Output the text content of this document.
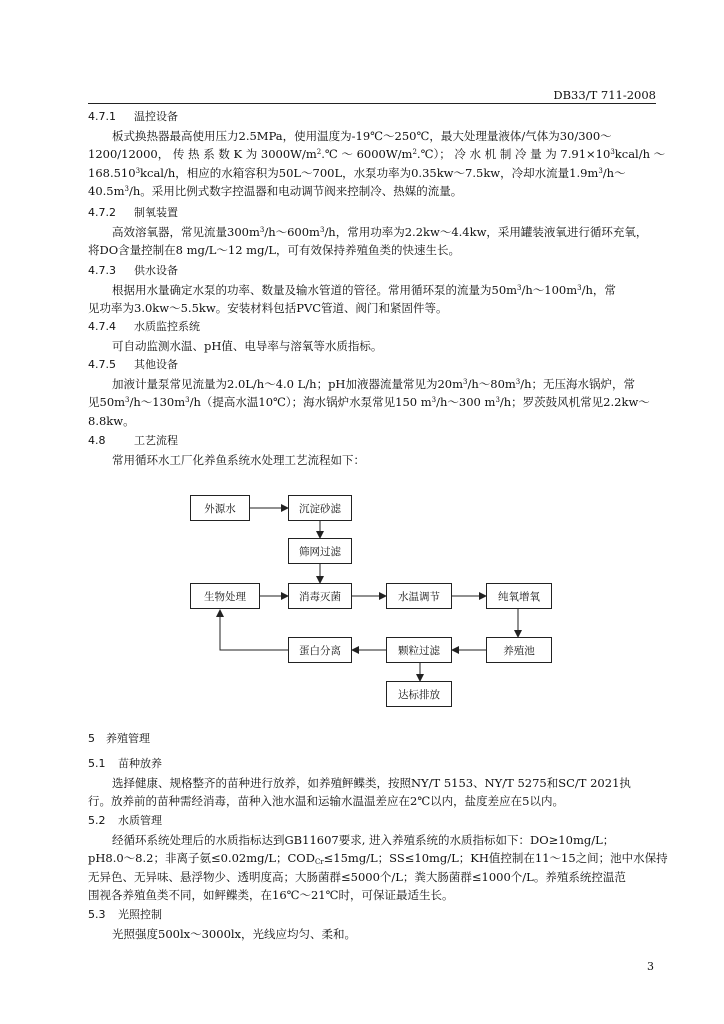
DB33/T 711-2008
4.7.1 温控设备
板式换热器最高使用压力2.5MPa，使用温度为-19℃～250℃，最大处理量液体/气体为30/300～
1200/12000， 传 热 系 数 K 为 $3000W/m^2.℃$ ～ $6000W/m^2.℃$）； 冷 水 机 制 冷 量 为 $7.91\times 10^3kcal/h$ ～
168.510$^3$kcal/h，相应的水箱容积为50L～700L，水泵功率为0.35kw～7.5kw，冷却水流量$1.9m^3/h\sim$
$40.5m^3/h$。采用比例式数字控温器和电动调节阀来控制冷、热媒的流量。
4.7.2 制氧装置
高效溶氧器，常见流量$300m^3/h\sim 600m^3/h$，常用功率为2.2kw～4.4kw，采用罐装液氧进行循环充氧，
将DO含量控制在8 mg/L～12 mg/L，可有效保持养殖鱼类的快速生长。
4.7.3 供水设备
根据用水量确定水泵的功率、数量及输水管道的管径。常用循环泵的流量为$50m^3/h\sim 100m^3/h$，常
见功率为3.0kw～5.5kw。安装材料包括PVC管道、阀门和紧固件等。
4.7.4 水质监控系统
可自动监测水温、pH值、电导率与溶氧等水质指标。
4.7.5 其他设备
加液计量泵常见流量为2.0L/h～4.0 L/h；pH加液器流量常见为$20m^3/h\sim 80m^3/h$；无压海水锅炉，常
见$50m^3/h\sim 130m^3/h$（提高水温10℃）；海水锅炉水泵常见150 $m^3/h\sim 300$ $m^3/h$；罗茨鼓风机常见2.2kw～
8.8kw。
4.8	工艺流程
常用循环水工厂化养鱼系统水处理工艺流程如下：
外源水	沉淀砂滤
筛网过滤
生物处理	消毒灭菌	水温调节	纯氧增氧
蛋白分离	颗粒过滤	养殖池
达标排放
5 养殖管理
5.1 苗种放养
选择健康、规格整齐的苗种进行放养，如养殖鲆鲽类，按照NY/T 5153、NY/T 5275和SC/T 2021执
行。放养前的苗种需经消毒，苗种入池水温和运输水温温差应在2℃以内，盐度差应在5以内。
5.2 水质管理
经循环系统处理后的水质指标达到GB11607要求, 进入养殖系统的水质指标如下：DO≥10mg/L；
pH8.0～8.2；非离子氨≤0.02mg/L；$COD_{Cr}\le 15mg/L$；SS≤10mg/L；KH值控制在11～15之间；池中水保持
无异色、无异味、悬浮物少、透明度高；大肠菌群≤5000个/L；粪大肠菌群≤1000个/L。养殖系统控温范
围视各养殖鱼类不同，如鲆鲽类，在16℃～21℃时，可保证最适生长。
5.3 光照控制
光照强度500lx～3000lx，光线应均匀、柔和。
3
